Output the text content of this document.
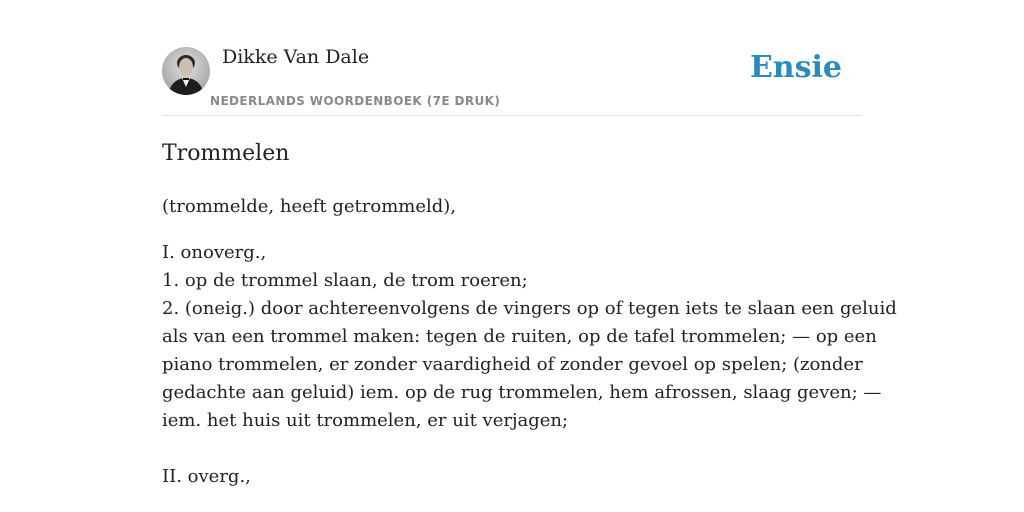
Dikke Van Dale
NEDERLANDS WOORDENBOEK (7E DRUK)
Ensie
Trommelen

(trommelde, heeft getrommeld),

I. onoverg.,
1. op de trommel slaan, de trom roeren;
2. (oneig.) door achtereenvolgens de vingers op of tegen iets te slaan een geluid
als van een trommel maken: tegen de ruiten, op de tafel trommelen; — op een
piano trommelen, er zonder vaardigheid of zonder gevoel op spelen; (zonder
gedachte aan geluid) iem. op de rug trommelen, hem afrossen, slaag geven; —
iem. het huis uit trommelen, er uit verjagen;
II. overg.,
